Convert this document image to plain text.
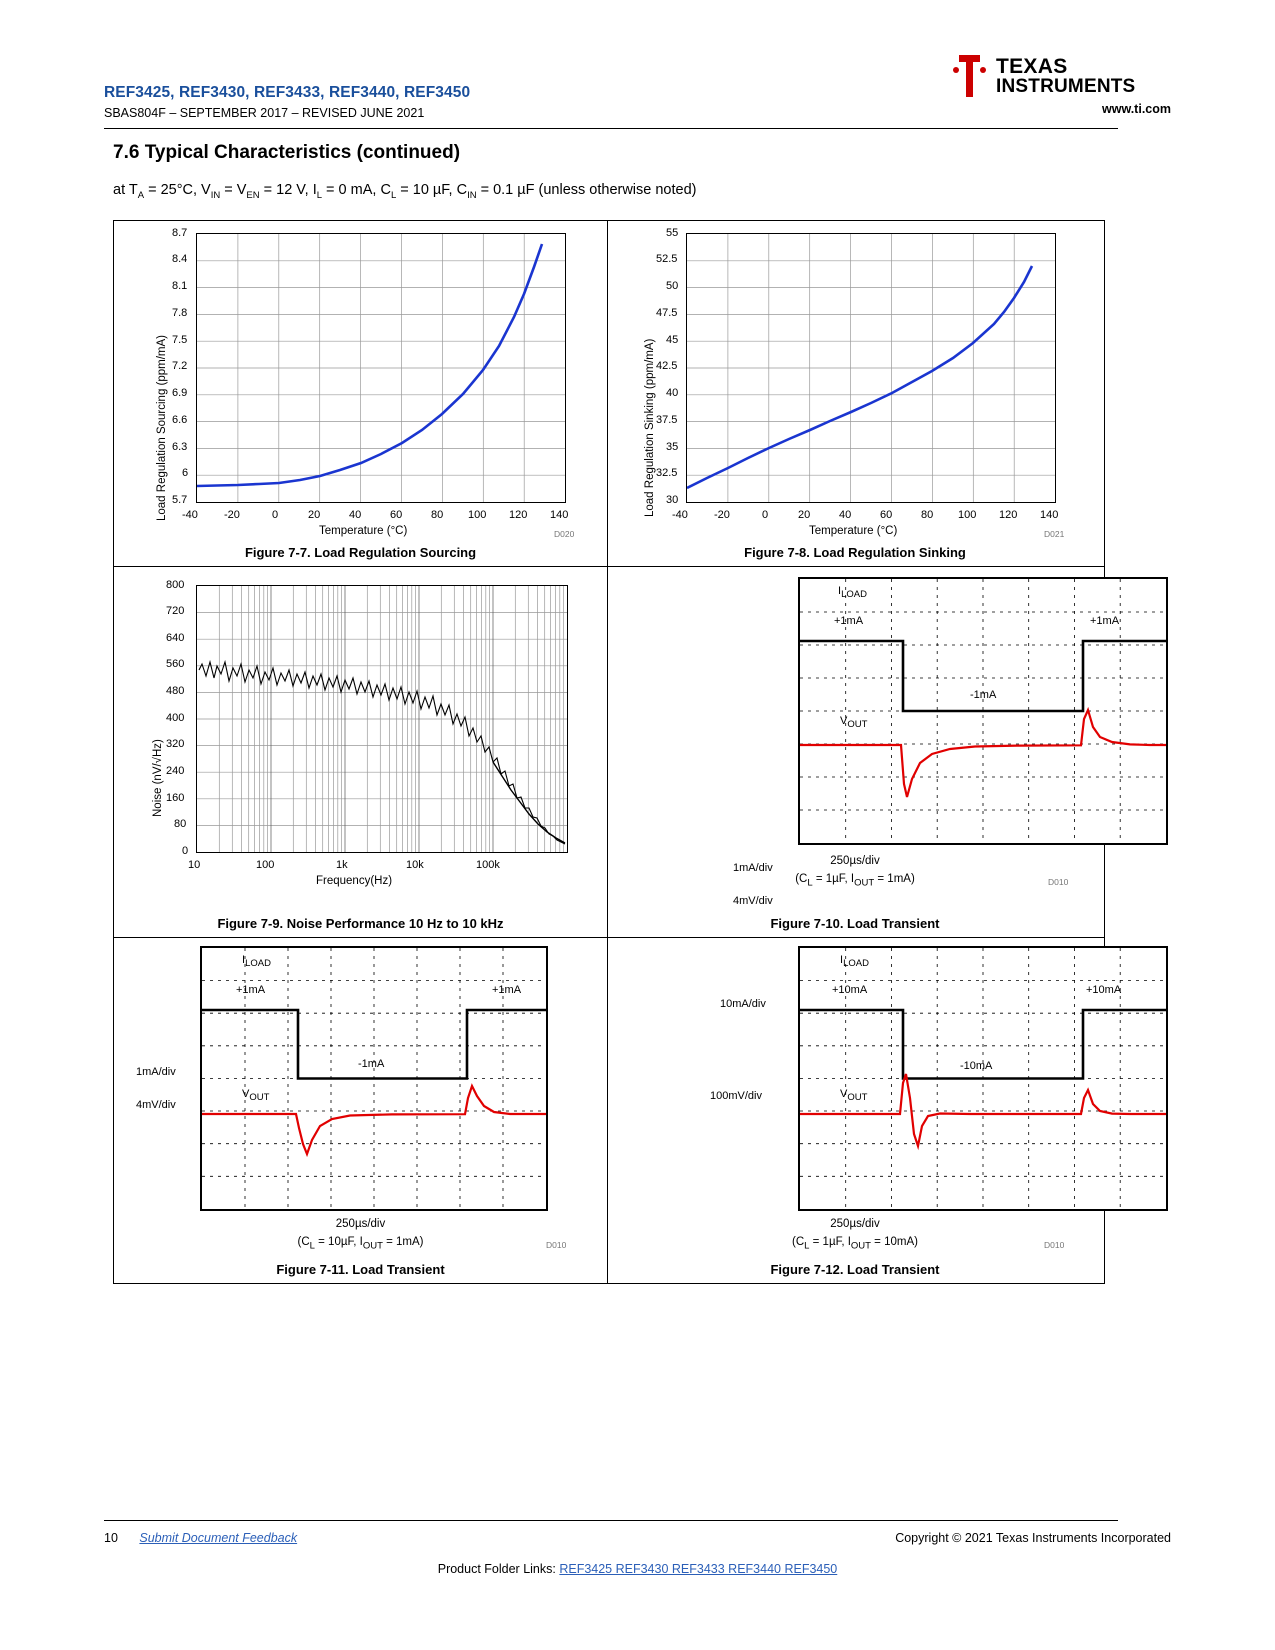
REF3425, REF3430, REF3433, REF3440, REF3450
SBAS804F – SEPTEMBER 2017 – REVISED JUNE 2021
TEXAS
INSTRUMENTS
www.ti.com
7.6 Typical Characteristics (continued)
at $T_A = 25^\circ C$, $V_{IN} = V_{EN} = 12$ V, $I_L = 0$ mA, $C_L = 10$ µF, $C_{IN} = 0.1$ µF (unless otherwise noted)
Load Regulation Sourcing (ppm/mA)
8.7
8.4
8.1
7.8
7.5
7.2
6.9
6.6
6.3
6
5.7
-40 -20	0	20	40	60	80 100 120 140
Temperature (°C)	D020
Figure 7-7. Load Regulation Sourcing
Load Regulation Sinking (ppm/mA)
55
52.5
50
47.5
45
42.5
40
37.5
35
32.5
30
-40 -20	0	20	40	60	80 100 120 140
Temperature (°C)	D021
Figure 7-8. Load Regulation Sinking
Noise (nV/√Hz)
800
720
640
560
480
400
320
240
160
80
0
10	100	1k	10k	100k
Frequency(Hz)
Figure 7-9. Noise Performance 10 Hz to 10 kHz
1mA/div
4mV/div
$I_{LOAD}$
+1mA	+1mA
-1mA
$V_{OUT}$
250µs/div
($C_L = 1\mu F$, $I_{OUT} = 1mA$)	D010
Figure 7-10. Load Transient
1mA/div
4mV/div
$I_{LOAD}$
+1mA	+1mA
-1mA
$V_{OUT}$
250µs/div
($C_L = 10\mu F$, $I_{OUT} = 1mA$)	D010
Figure 7-11. Load Transient
10mA/div
100mV/div
$I_{LOAD}$
+10mA	+10mA
-10mA
$V_{OUT}$
250µs/div
($C_L = 1\mu F$, $I_{OUT} = 10mA$)	D010
Figure 7-12. Load Transient
10 Submit Document Feedback	Copyright © 2021 Texas Instruments Incorporated
Product Folder Links: REF3425 REF3430 REF3433 REF3440 REF3450
